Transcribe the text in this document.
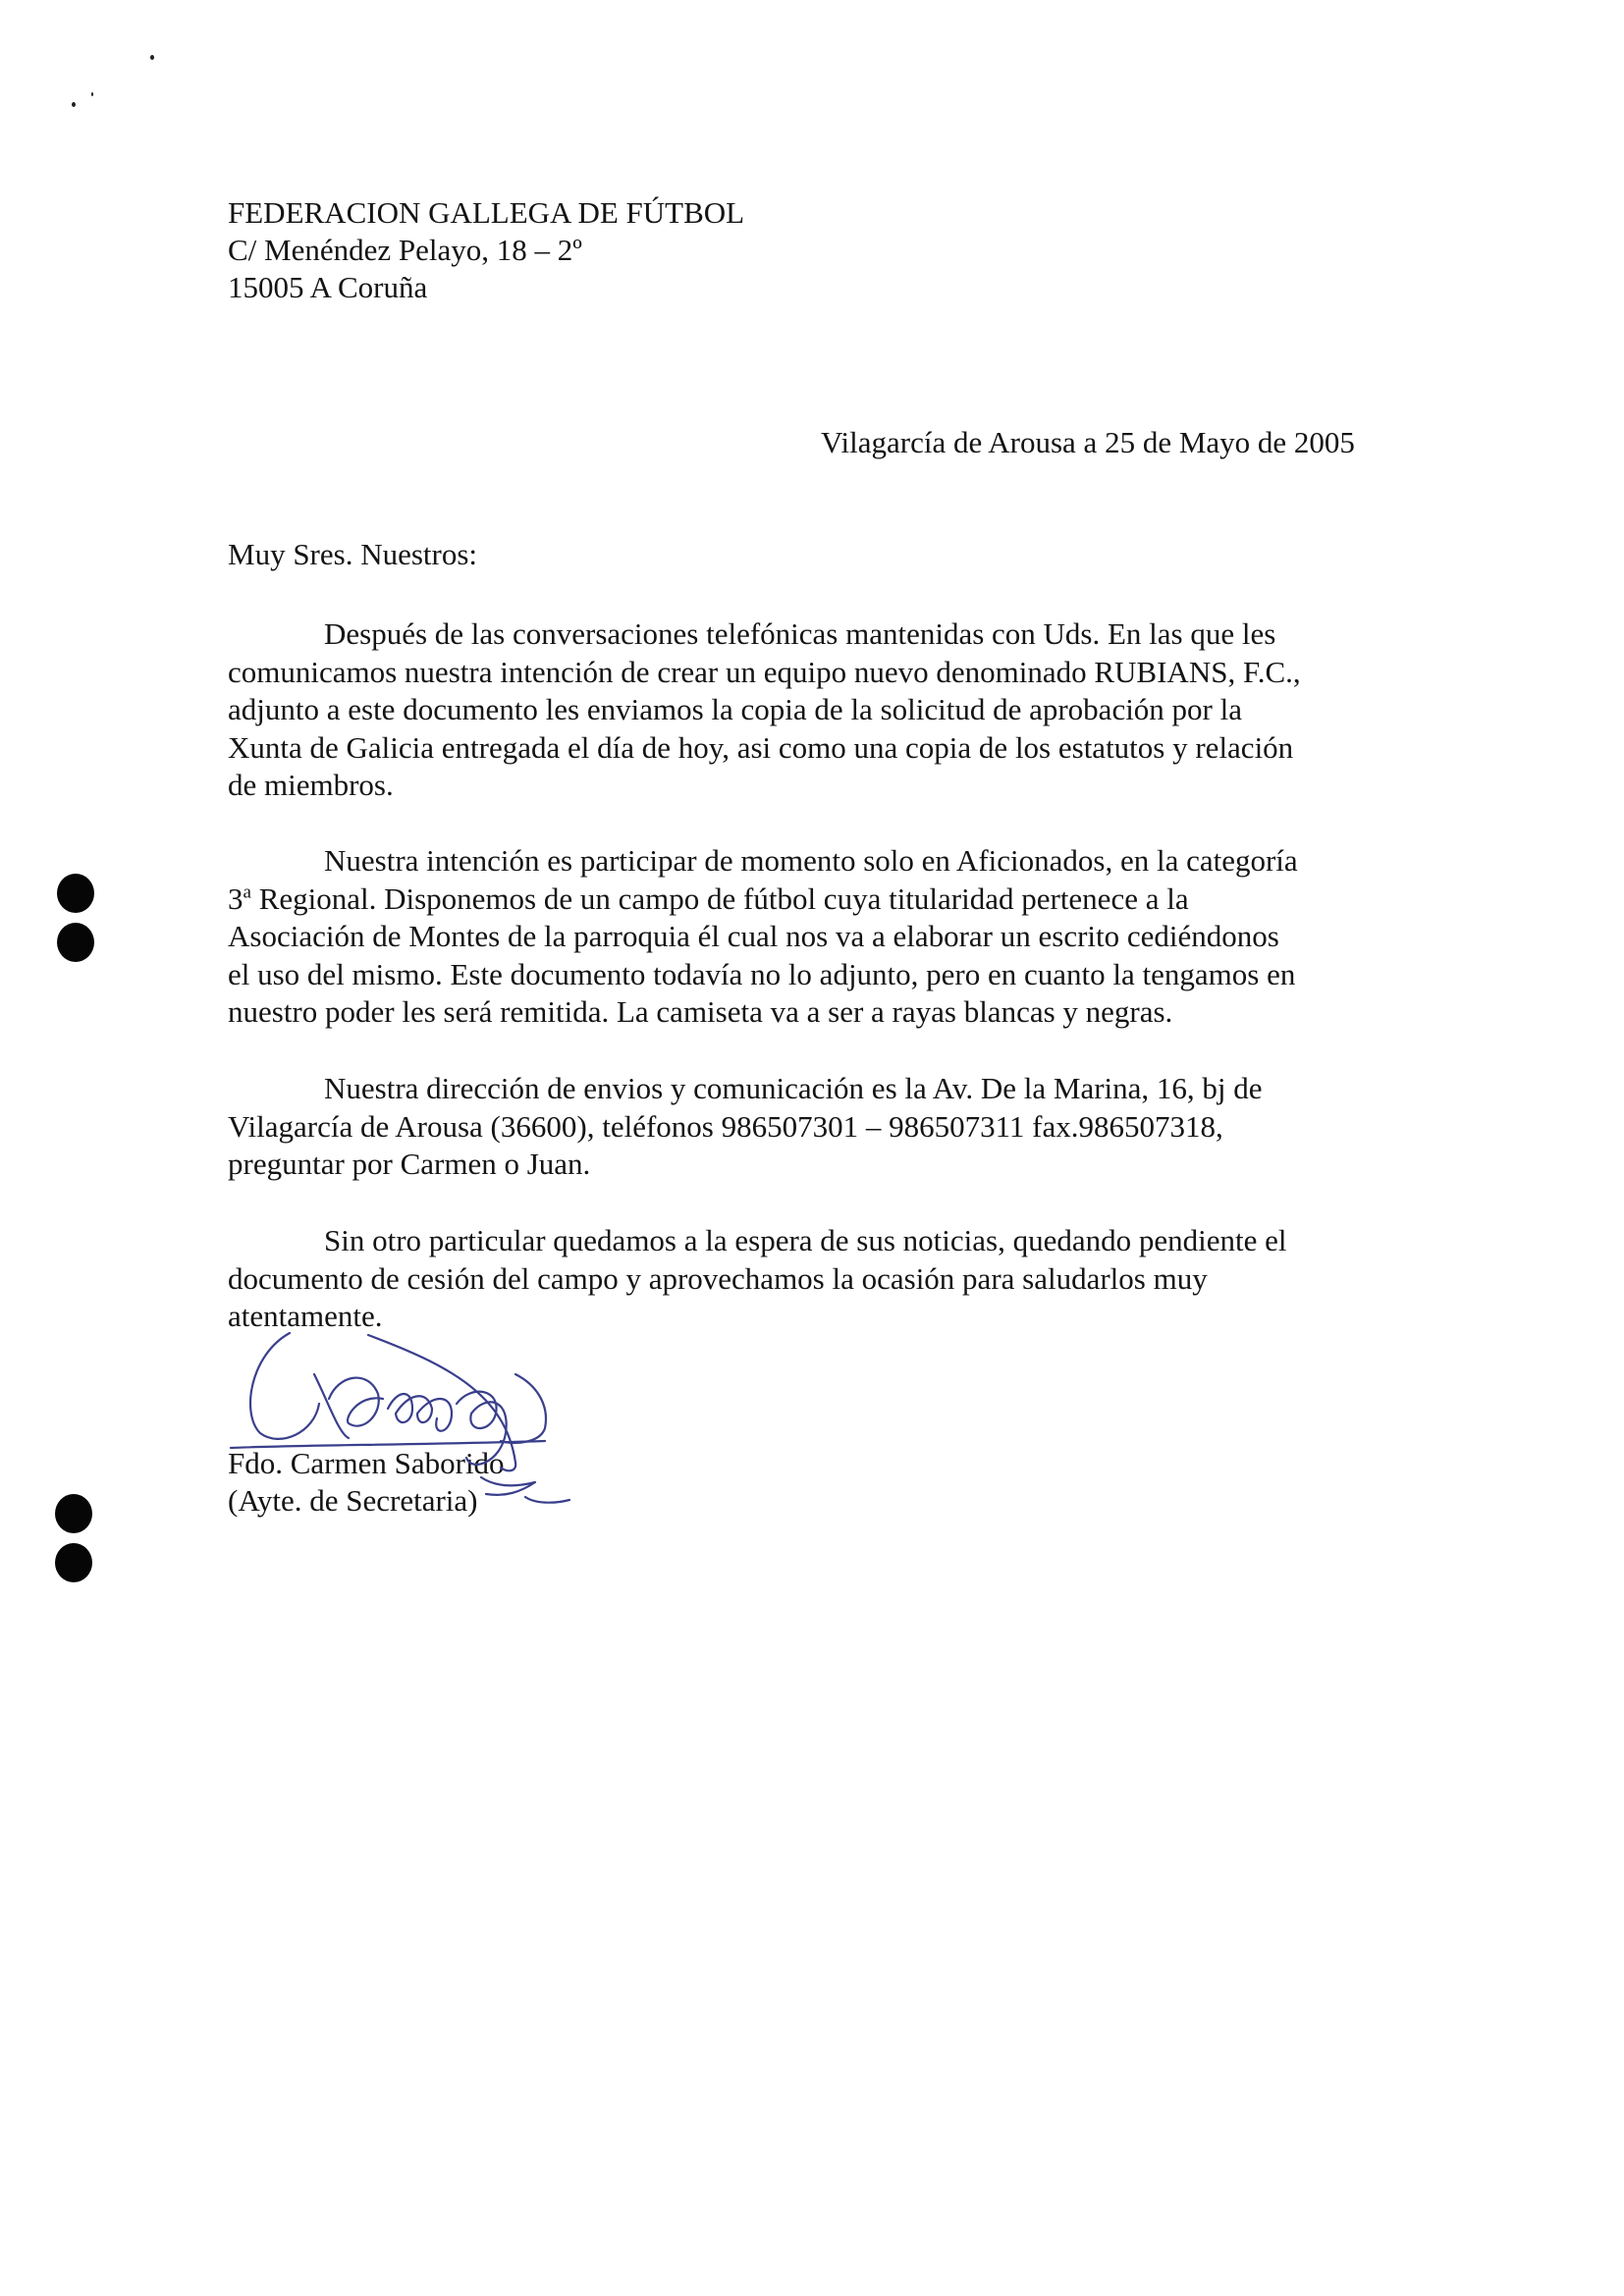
FEDERACION GALLEGA DE FÚTBOL
C/ Menéndez Pelayo, 18 – 2º
15005 A Coruña
Vilagarcía de Arousa a 25 de Mayo de 2005
Muy Sres. Nuestros:
Después de las conversaciones telefónicas mantenidas con Uds. En las que les
comunicamos nuestra intención de crear un equipo nuevo denominado RUBIANS, F.C.,
adjunto a este documento les enviamos la copia de la solicitud de aprobación por la
Xunta de Galicia entregada el día de hoy, asi como una copia de los estatutos y relación
de miembros.
Nuestra intención es participar de momento solo en Aficionados, en la categoría
3$^a$ Regional. Disponemos de un campo de fútbol cuya titularidad pertenece a la
Asociación de Montes de la parroquia él cual nos va a elaborar un escrito cediéndonos
el uso del mismo. Este documento todavía no lo adjunto, pero en cuanto la tengamos en
nuestro poder les será remitida. La camiseta va a ser a rayas blancas y negras.
Nuestra dirección de envios y comunicación es la Av. De la Marina, 16, bj de
Vilagarcía de Arousa (36600), teléfonos 986507301 – 986507311 fax.986507318,
preguntar por Carmen o Juan.
Sin otro particular quedamos a la espera de sus noticias, quedando pendiente el
documento de cesión del campo y aprovechamos la ocasión para saludarlos muy
atentamente.
Fdo. Carmen Saborido
(Ayte. de Secretaria)
